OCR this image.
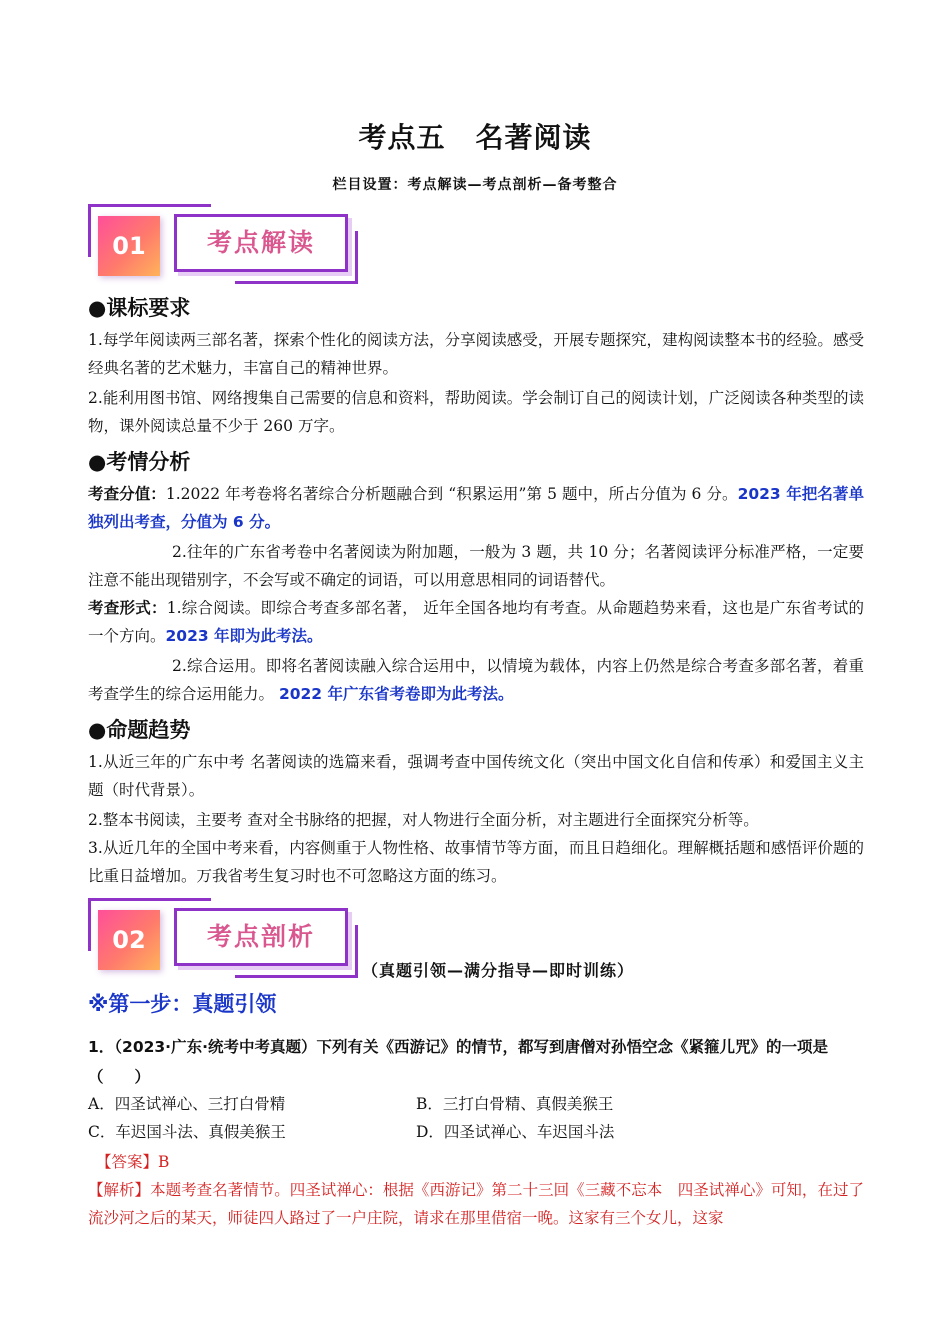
考点五 名著阅读
栏目设置：考点解读—考点剖析—备考整合
01	考点解读
●课标要求
1.每学年阅读两三部名著，探索个性化的阅读方法，分享阅读感受，开展专题探究，建构阅读整本书的经验。感受经典名著的艺术魅力，丰富自己的精神世界。
2.能利用图书馆、网络搜集自己需要的信息和资料，帮助阅读。学会制订自己的阅读计划，广泛阅读各种类型的读物，课外阅读总量不少于 260 万字。
●考情分析
考查分值：1.2022 年考卷将名著综合分析题融合到 “积累运用”第 5 题中，所占分值为 6 分。2023 年把名著单独列出考查，分值为 6 分。
2.往年的广东省考卷中名著阅读为附加题，一般为 3 题，共 10 分；名著阅读评分标准严格，一定要注意不能出现错别字，不会写或不确定的词语，可以用意思相同的词语替代。
考查形式：1.综合阅读。即综合考查多部名著， 近年全国各地均有考查。从命题趋势来看，这也是广东省考试的一个方向。2023 年即为此考法。
2.综合运用。即将名著阅读融入综合运用中，以情境为载体，内容上仍然是综合考查多部名著，着重考查学生的综合运用能力。 2022 年广东省考卷即为此考法。
●命题趋势
1.从近三年的广东中考 名著阅读的选篇来看，强调考查中国传统文化（突出中国文化自信和传承）和爱国主义主题（时代背景）。
2.整本书阅读，主要考 查对全书脉络的把握，对人物进行全面分析，对主题进行全面探究分析等。
3.从近几年的全国中考来看，内容侧重于人物性格、故事情节等方面，而且日趋细化。理解概括题和感悟评价题的比重日益增加。万我省考生复习时也不可忽略这方面的练习。
02	考点剖析
（真题引领—满分指导—即时训练）
※第一步：真题引领
1．（2023·广东·统考中考真题）下列有关《西游记》的情节，都写到唐僧对孙悟空念《紧箍儿咒》的一项是（　　）
A．四圣试禅心、三打白骨精	B．三打白骨精、真假美猴王
C．车迟国斗法、真假美猴王	D．四圣试禅心、车迟国斗法
【答案】B
【解析】本题考查名著情节。四圣试禅心：根据《西游记》第二十三回《三藏不忘本　四圣试禅心》可知，在过了流沙河之后的某天，师徒四人路过了一户庄院，请求在那里借宿一晚。这家有三个女儿，这家
